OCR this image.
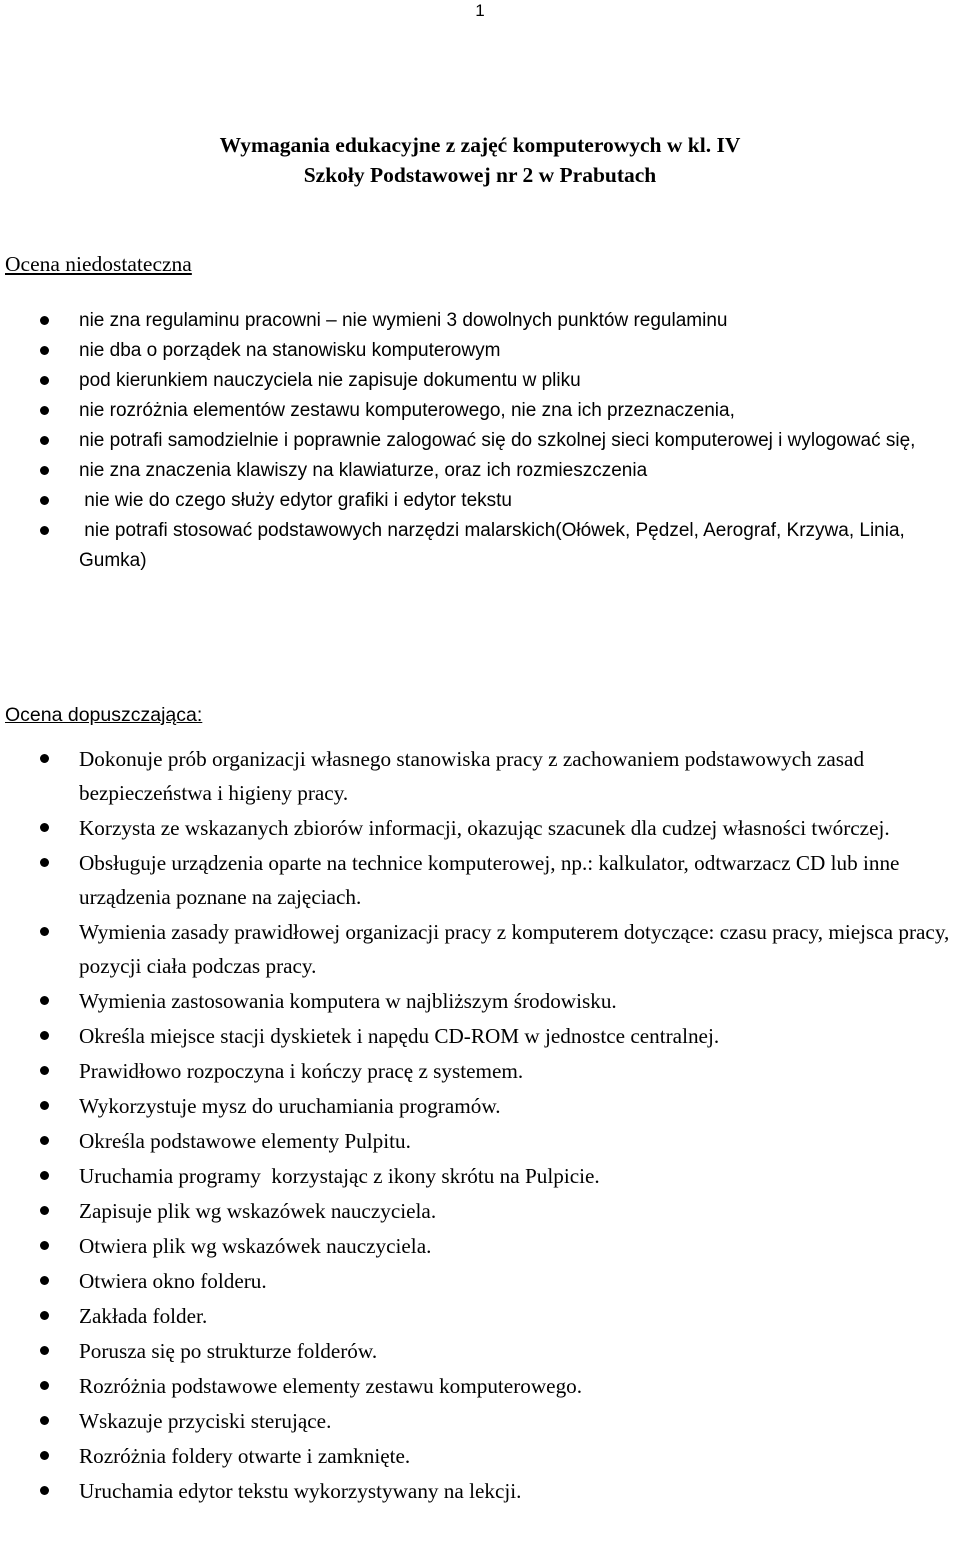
1
Wymagania edukacyjne z zajęć komputerowych w kl. IV
Szkoły Podstawowej nr 2 w Prabutach
Ocena niedostateczna
nie zna regulaminu pracowni – nie wymieni 3 dowolnych punktów regulaminu
nie dba o porządek na stanowisku komputerowym
pod kierunkiem nauczyciela nie zapisuje dokumentu w pliku
nie rozróżnia elementów zestawu komputerowego, nie zna ich przeznaczenia,
nie potrafi samodzielnie i poprawnie zalogować się do szkolnej sieci komputerowej i wylogować się,
nie zna znaczenia klawiszy na klawiaturze, oraz ich rozmieszczenia
nie wie do czego służy edytor grafiki i edytor tekstu
nie potrafi stosować podstawowych narzędzi malarskich(Ołówek, Pędzel, Aerograf, Krzywa, Linia, Gumka)
Ocena dopuszczająca:
Dokonuje prób organizacji własnego stanowiska pracy z zachowaniem podstawowych zasad bezpieczeństwa i higieny pracy.
Korzysta ze wskazanych zbiorów informacji, okazując szacunek dla cudzej własności twórczej.
Obsługuje urządzenia oparte na technice komputerowej, np.: kalkulator, odtwarzacz CD lub inne urządzenia poznane na zajęciach.
Wymienia zasady prawidłowej organizacji pracy z komputerem dotyczące: czasu pracy, miejsca pracy, pozycji ciała podczas pracy.
Wymienia zastosowania komputera w najbliższym środowisku.
Określa miejsce stacji dyskietek i napędu CD-ROM w jednostce centralnej.
Prawidłowo rozpoczyna i kończy pracę z systemem.
Wykorzystuje mysz do uruchamiania programów.
Określa podstawowe elementy Pulpitu.
Uruchamia programy  korzystając z ikony skrótu na Pulpicie.
Zapisuje plik wg wskazówek nauczyciela.
Otwiera plik wg wskazówek nauczyciela.
Otwiera okno folderu.
Zakłada folder.
Porusza się po strukturze folderów.
Rozróżnia podstawowe elementy zestawu komputerowego.
Wskazuje przyciski sterujące.
Rozróżnia foldery otwarte i zamknięte.
Uruchamia edytor tekstu wykorzystywany na lekcji.
